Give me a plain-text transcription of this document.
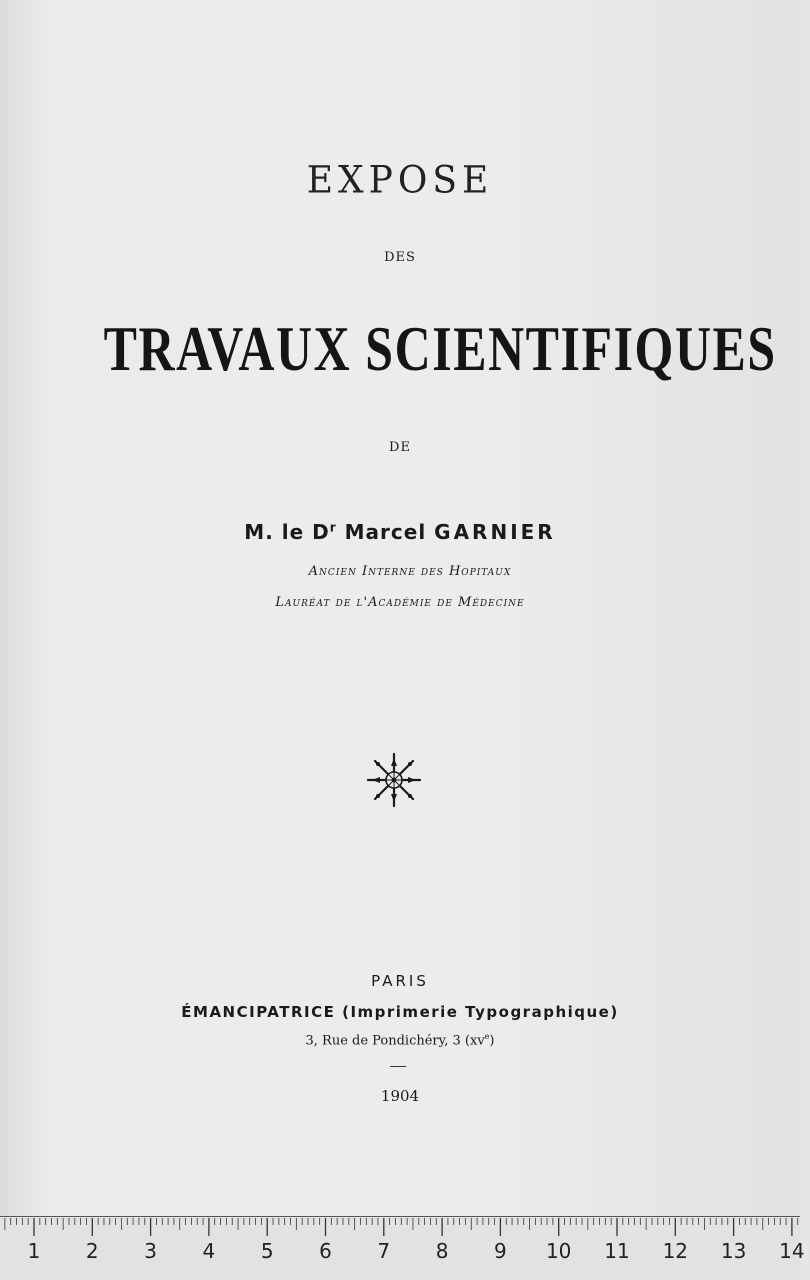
EXPOSE
DES
TRAVAUX SCIENTIFIQUES
DE
M. le $D^r$ Marcel GARNIER
Ancien Interne des Hopitaux
Lauréat de l'Académie de Médecine
PARIS
ÉMANCIPATRICE (Imprimerie Typographique)
3, Rue de Pondichéry, 3 $(xv^e)$
1904
1 2 3 4 5 6 7 8 9 10 11 12 13 14
